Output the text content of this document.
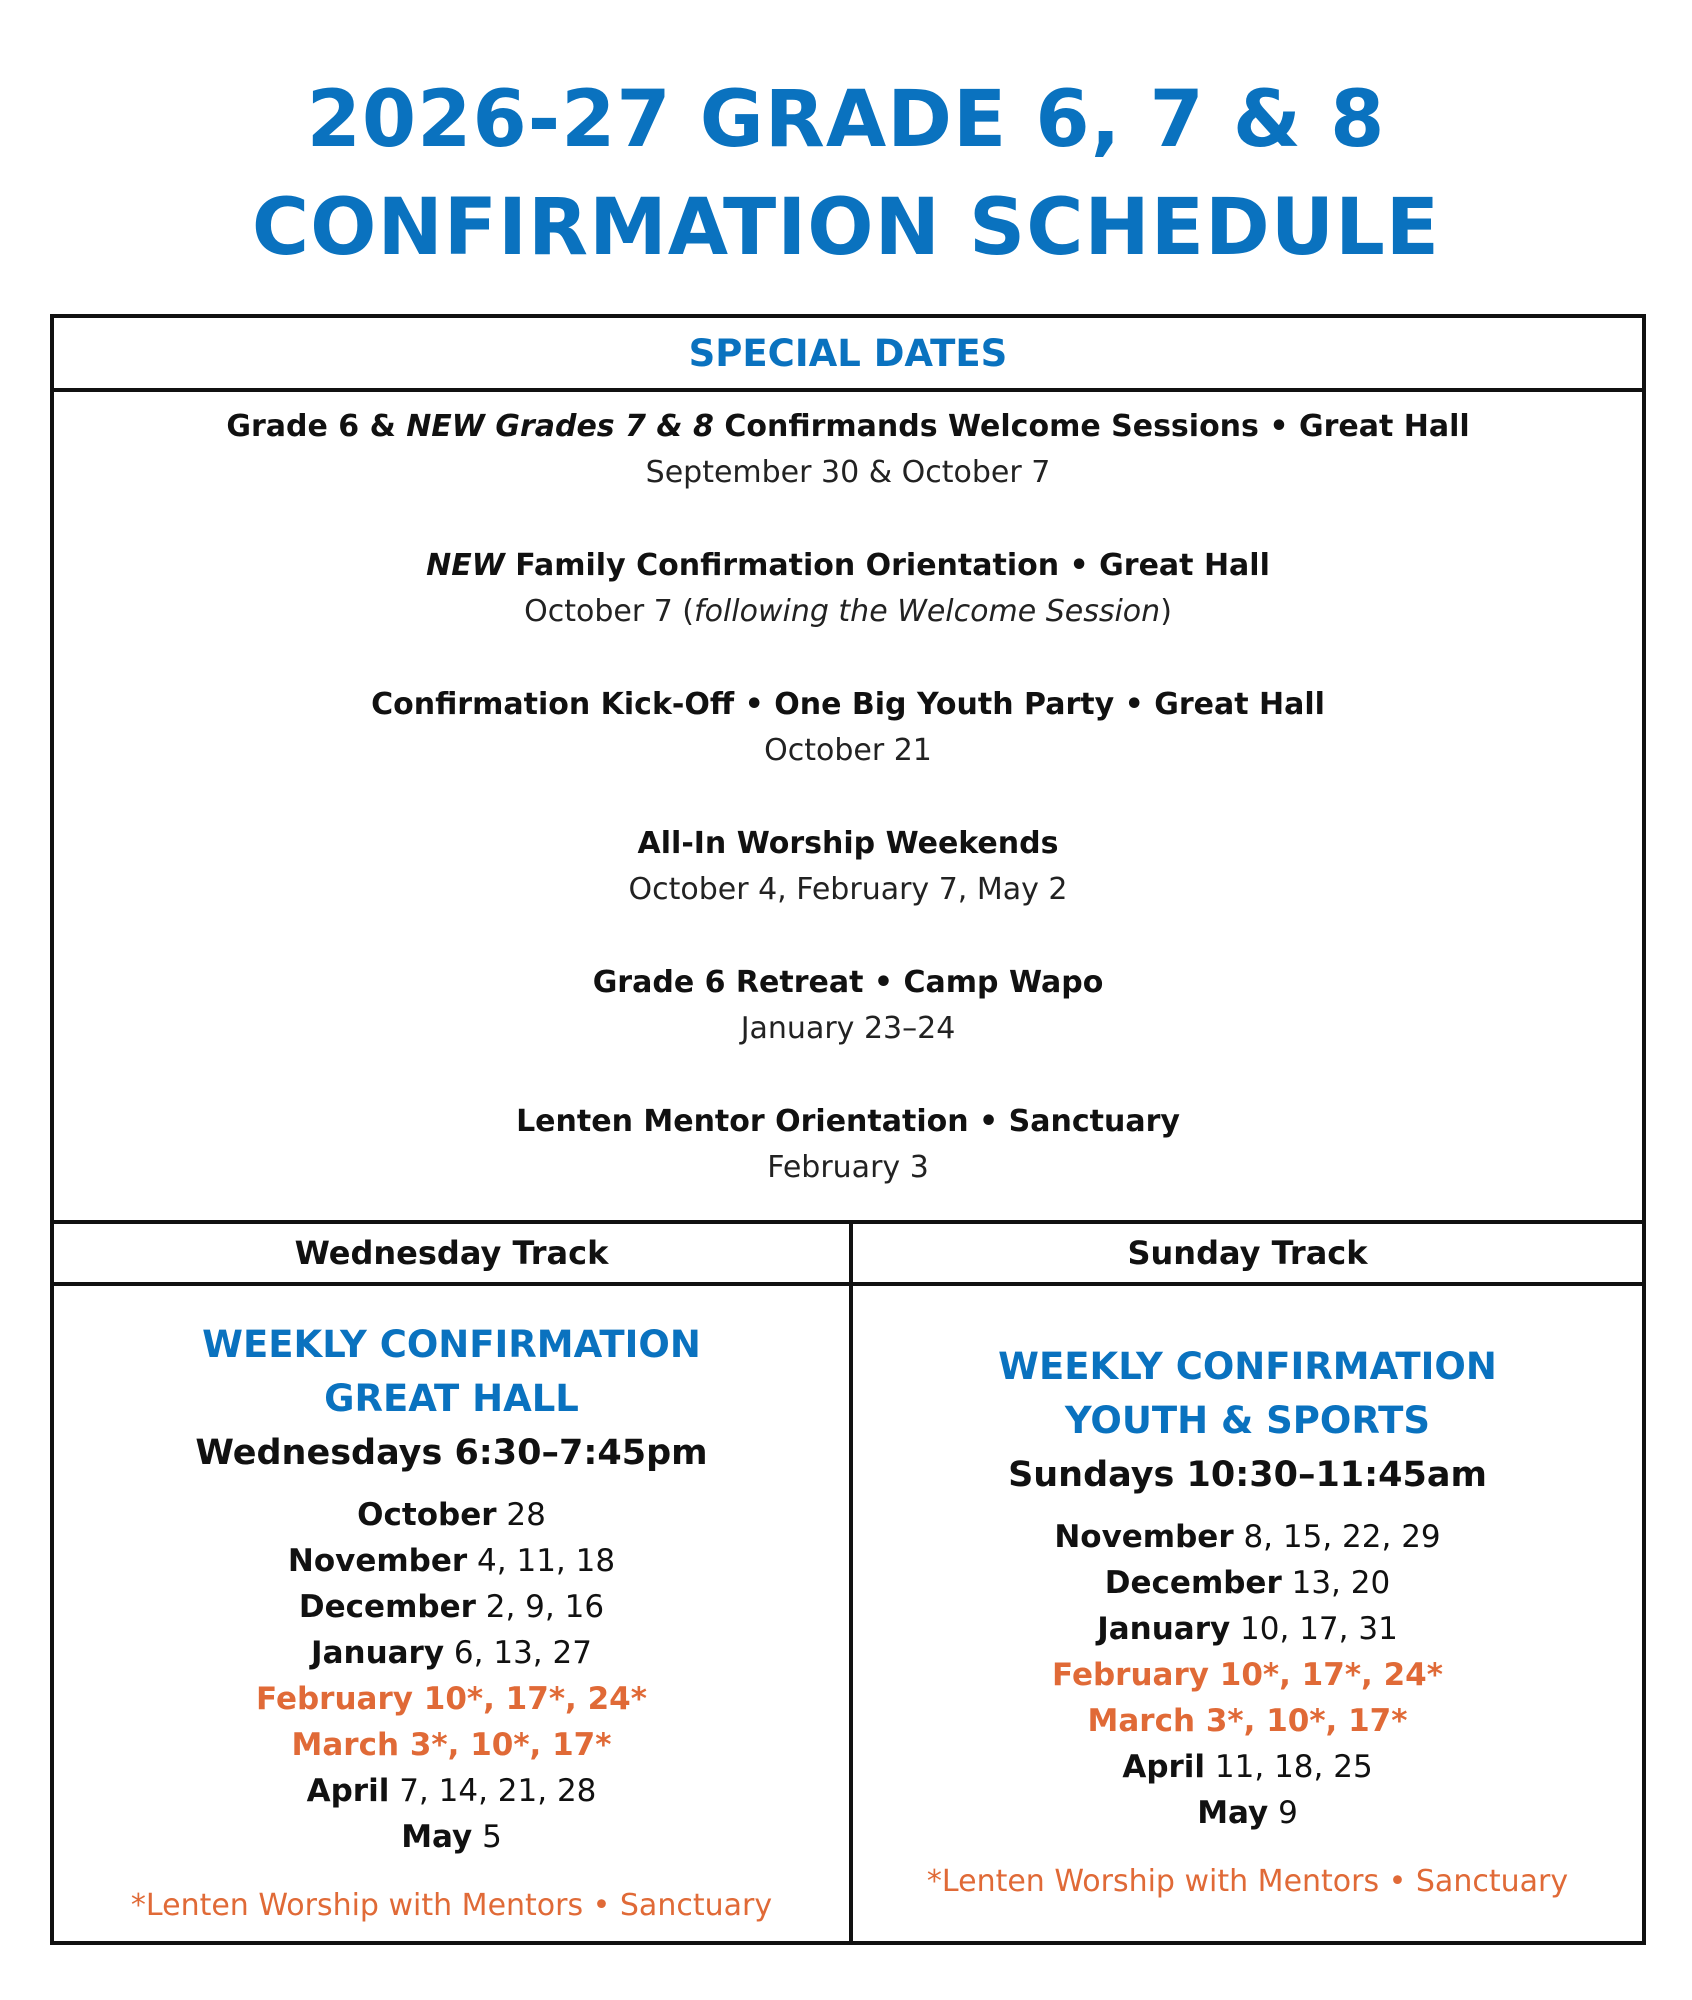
2026-27 GRADE 6, 7 & 8
CONFIRMATION SCHEDULE
SPECIAL DATES
Grade 6 & NEW Grades 7 & 8 Confirmands Welcome Sessions • Great Hall
September 30 & October 7
NEW Family Confirmation Orientation • Great Hall
October 7 (following the Welcome Session)
Confirmation Kick-Off • One Big Youth Party • Great Hall
October 21
All-In Worship Weekends
October 4, February 7, May 2
Grade 6 Retreat • Camp Wapo
January 23–24
Lenten Mentor Orientation • Sanctuary
February 3
Wednesday Track	Sunday Track
WEEKLY CONFIRMATION
GREAT HALL
Wednesdays 6:30–7:45pm
October 28
November 4, 11, 18
December 2, 9, 16
January 6, 13, 27
February 10*, 17*, 24*
March 3*, 10*, 17*
April 7, 14, 21, 28
May 5
*Lenten Worship with Mentors • Sanctuary
WEEKLY CONFIRMATION
YOUTH & SPORTS
Sundays 10:30–11:45am
November 8, 15, 22, 29
December 13, 20
January 10, 17, 31
February 10*, 17*, 24*
March 3*, 10*, 17*
April 11, 18, 25
May 9
*Lenten Worship with Mentors • Sanctuary
